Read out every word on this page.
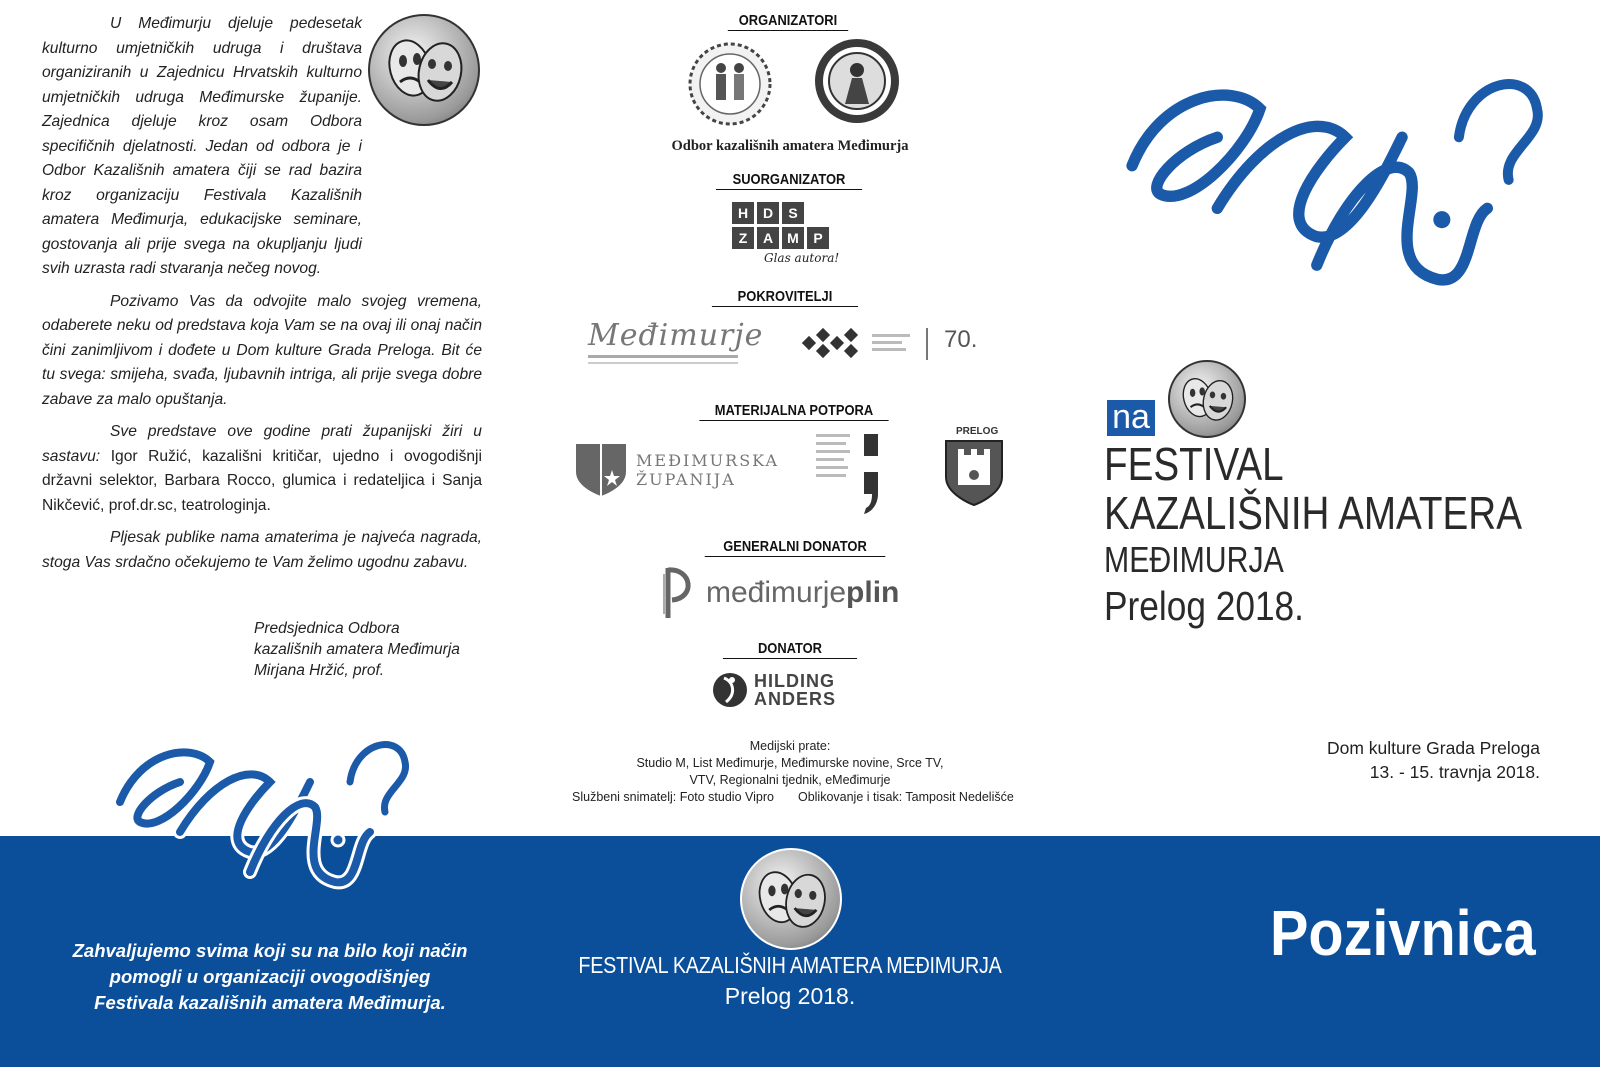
U Međimurju djeluje pedesetak kulturno umjetničkih udruga i društava organiziranih u Zajednicu Hrvatskih kulturno umjetničkih udruga Međimurske županije. Zajednica djeluje kroz osam Odbora specifičnih djelatnosti. Jedan od odbora je i Odbor Kazališnih amatera čiji se rad bazira kroz organizaciju Festivala Kazališnih amatera Međimurja, edukacijske seminare, gostovanja ali prije svega na okupljanju ljudi svih uzrasta radi stvaranja nečeg novog.

Pozivamo Vas da odvojite malo svojeg vremena, odaberete neku od predstava koja Vam se na ovaj ili onaj način čini zanimljivom i dođete u Dom kulture Grada Preloga. Bit će tu svega: smijeha, svađa, ljubavnih intriga, ali prije svega dobre zabave za malo opuštanja.

Sve predstave ove godine prati županijski žiri u sastavu: Igor Ružić, kazališni kritičar, ujedno i ovogodišnji državni selektor, Barbara Rocco, glumica i redateljica i Sanja Nikčević, prof.dr.sc, teatrologinja.

Pljesak publike nama amaterima je najveća nagrada, stoga Vas srdačno očekujemo te Vam želimo ugodnu zabavu.

Predsjednica Odbora
kazališnih amatera Međimurja
Mirjana Hržić, prof.
Zahvaljujemo svima koji su na bilo koji način
pomogli u organizaciji ovogodišnjeg
Festivala kazališnih amatera Međimurja.
ORGANIZATORI
Odbor kazališnih amatera Međimurja
SUORGANIZATOR
H	D	S
Z	A	M	P
Glas autora!
POKROVITELJI
Međimurje	70.
MATERIJALNA POTPORA
MEĐIMURSKA
ŽUPANIJA
PRELOG
GENERALNI DONATOR
međimurje plin
DONATOR
HILDING
ANDERS
Medijski prate:
Studio M, List Međimurje, Međimurske novine, Srce TV,
VTV, Regionalni tjednik, eMeđimurje
Službeni snimatelj: Foto studio Vipro Oblikovanje i tisak: Tamposit Nedelišće
FESTIVAL KAZALIŠNIH AMATERA MEĐIMURJA
Prelog 2018.
na
FESTIVAL
KAZALIŠNIH AMATERA
MEĐIMURJA
Prelog 2018.
Dom kulture Grada Preloga
13. - 15. travnja 2018.
Pozivnica
